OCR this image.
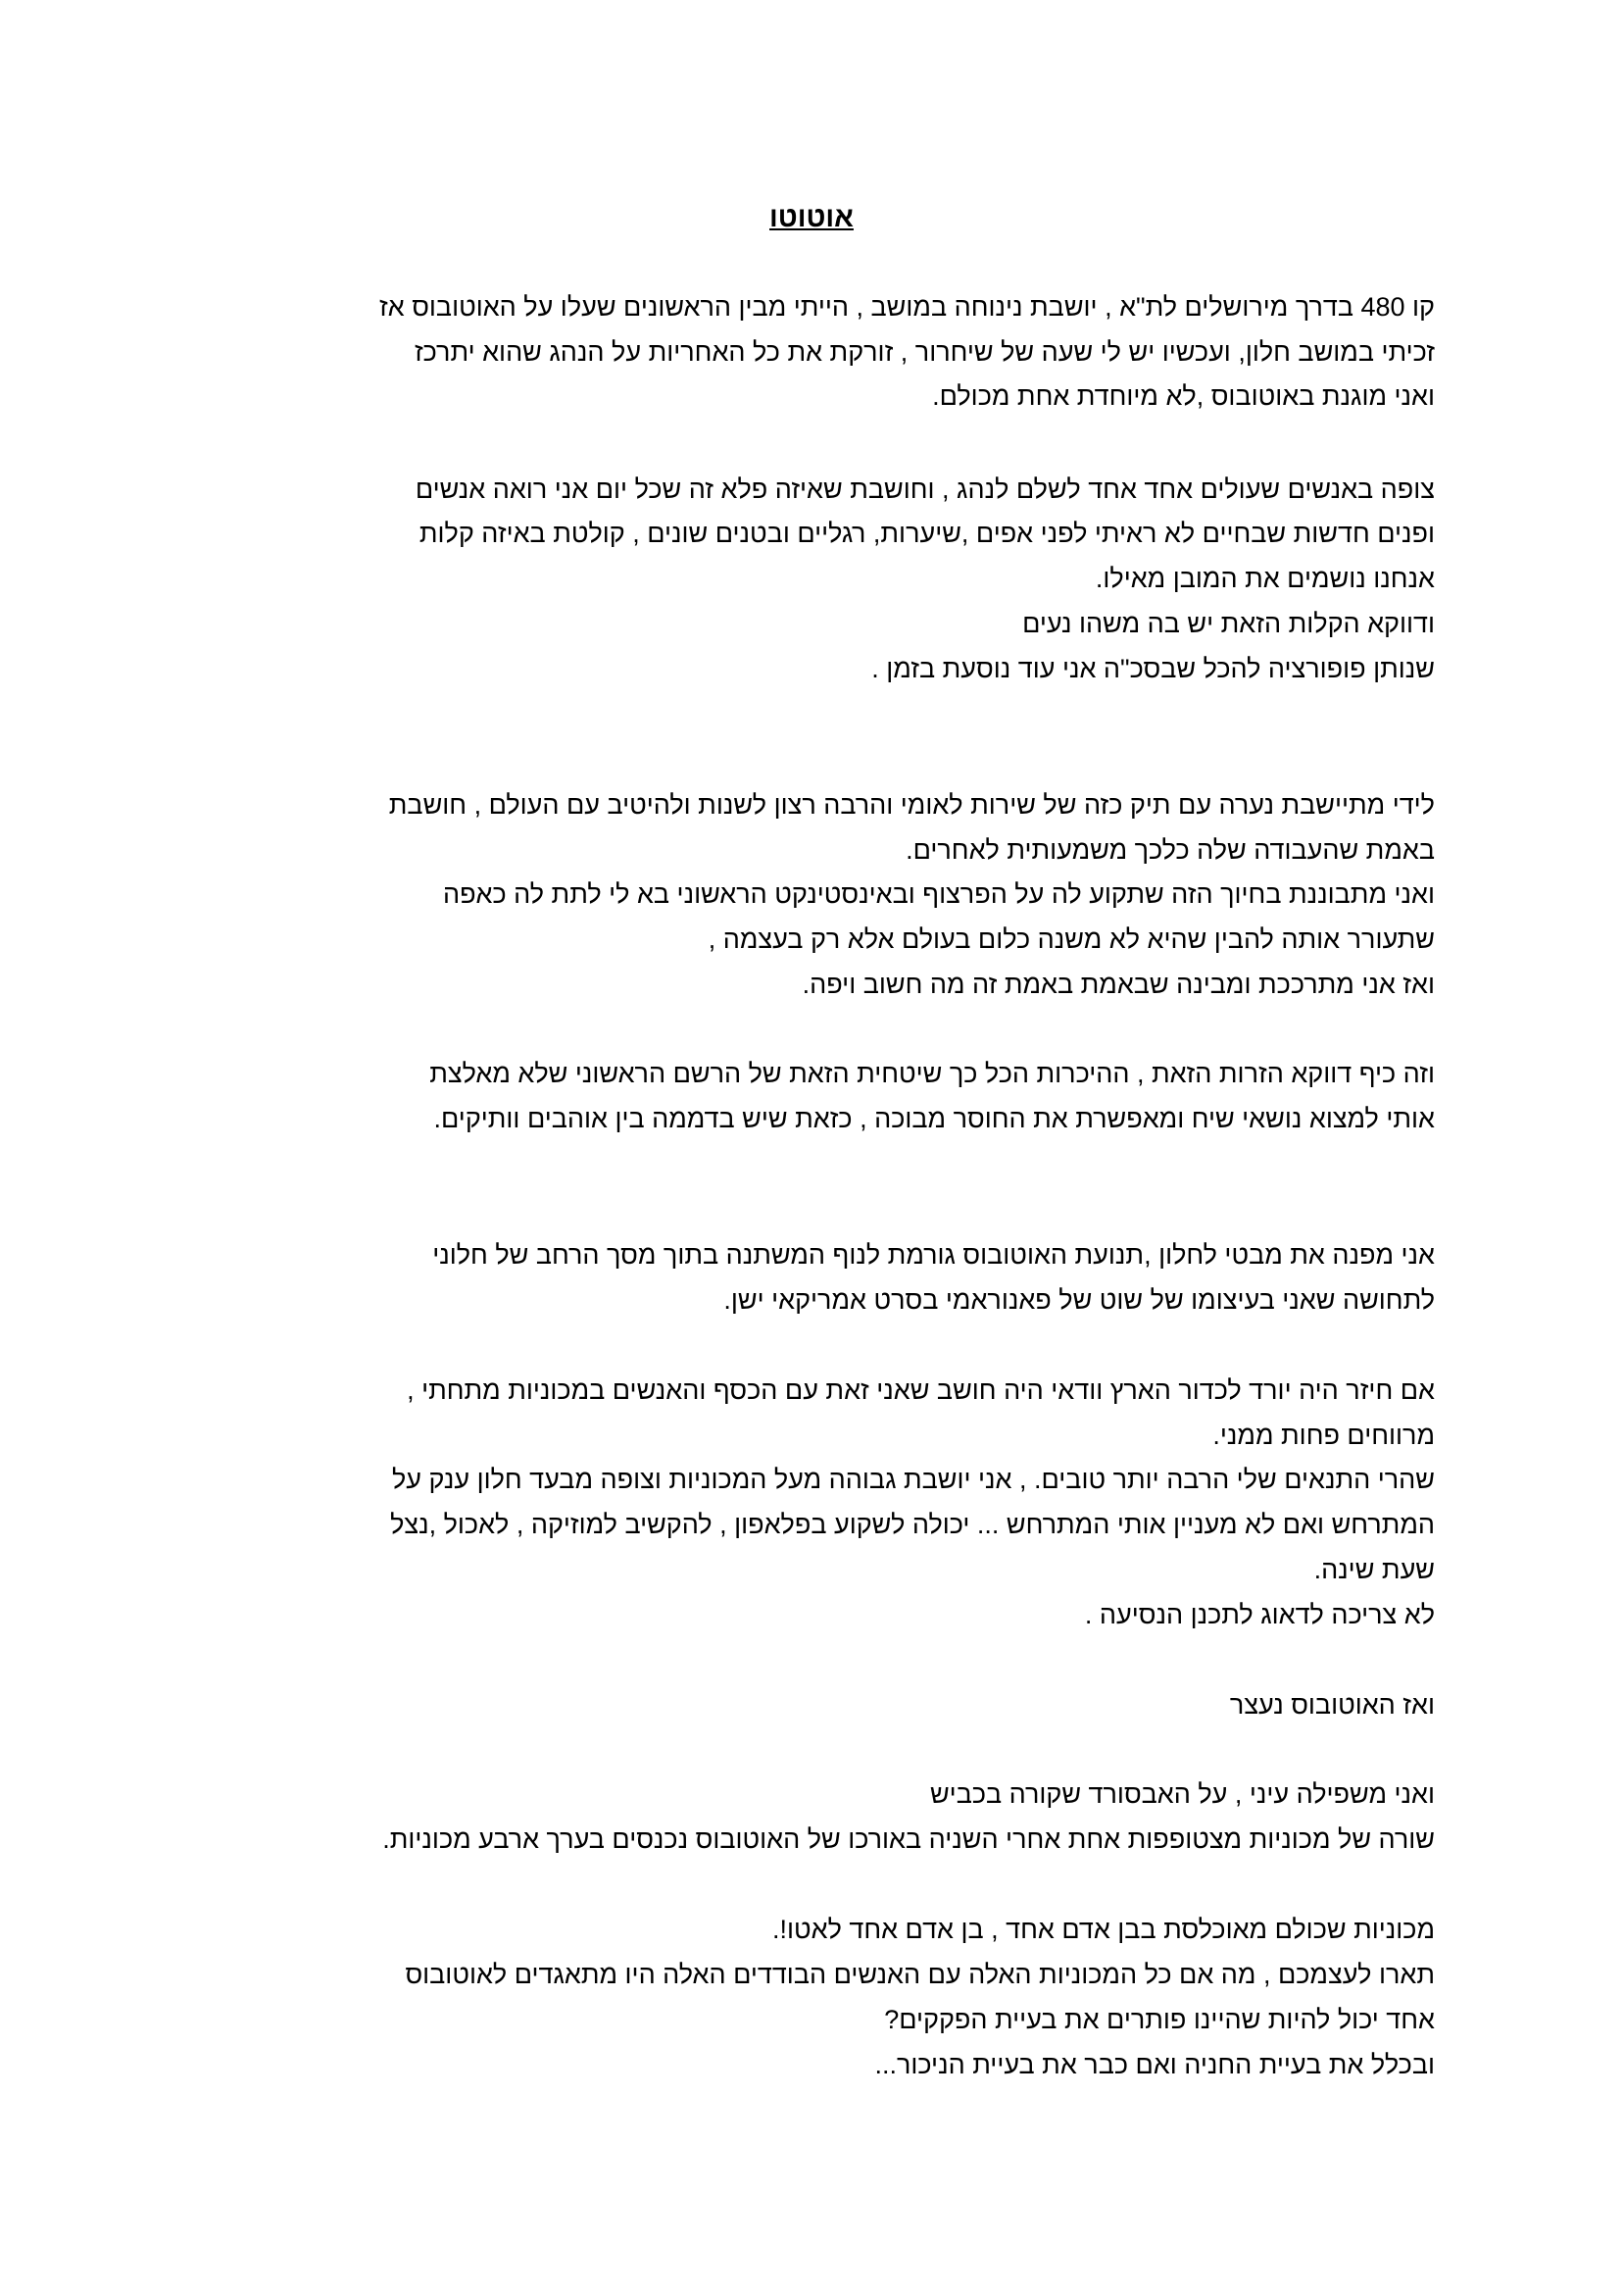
אוטוטו
קו 480 בדרך מירושלים לת"א , יושבת נינוחה במושב , הייתי מבין הראשונים שעלו על האוטובוס אז
זכיתי במושב חלון, ועכשיו יש לי שעה של שיחרור , זורקת את כל האחריות על הנהג שהוא יתרכז
ואני מוגנת באוטובוס ,לא מיוחדת אחת מכולם.
צופה באנשים שעולים אחד אחד לשלם לנהג , וחושבת שאיזה פלא זה שכל יום אני רואה אנשים
ופנים חדשות שבחיים לא ראיתי לפני אפים ,שיערות, רגליים ובטנים שונים , קולטת באיזה קלות
אנחנו נושמים את המובן מאילו.
ודווקא הקלות הזאת יש בה משהו נעים
שנותן פופורציה להכל שבסכ"ה אני עוד נוסעת בזמן .
לידי מתיישבת נערה עם תיק כזה של שירות לאומי והרבה רצון לשנות ולהיטיב עם העולם , חושבת
באמת שהעבודה שלה כלכך משמעותית לאחרים.
ואני מתבוננת בחיוך הזה שתקוע לה על הפרצוף ובאינסטינקט הראשוני בא לי לתת לה כאפה
שתעורר אותה להבין שהיא לא משנה כלום בעולם אלא רק בעצמה ,
ואז אני מתרככת ומבינה שבאמת באמת זה מה חשוב ויפה.
וזה כיף דווקא הזרות הזאת , ההיכרות הכל כך שיטחית הזאת של הרשם הראשוני שלא מאלצת
אותי למצוא נושאי שיח ומאפשרת את החוסר מבוכה , כזאת שיש בדממה בין אוהבים וותיקים.
אני מפנה את מבטי לחלון ,תנועת האוטובוס גורמת לנוף המשתנה בתוך מסך הרחב של חלוני
לתחושה שאני בעיצומו של שוט של פאנוראמי בסרט אמריקאי ישן.
אם חיזר היה יורד לכדור הארץ וודאי היה חושב שאני זאת עם הכסף והאנשים במכוניות מתחתי ,
מרווחים פחות ממני.
שהרי התנאים שלי הרבה יותר טובים. , אני יושבת גבוהה מעל המכוניות וצופה מבעד חלון ענק על
המתרחש ואם לא מעניין אותי המתרחש ... יכולה לשקוע בפלאפון , להקשיב למוזיקה , לאכול ,נצל
שעת שינה.
לא צריכה לדאוג לתכנן הנסיעה .
ואז האוטובוס נעצר
ואני משפילה עיני , על האבסורד שקורה בכביש
שורה של מכוניות מצטופפות אחת אחרי השניה באורכו של האוטובוס נכנסים בערך ארבע מכוניות.
מכוניות שכולם מאוכלסת בבן אדם אחד , בן אדם אחד לאטו!.
תארו לעצמכם , מה אם כל המכוניות האלה עם האנשים הבודדים האלה היו מתאגדים לאוטובוס
אחד יכול להיות שהיינו פותרים את בעיית הפקקים?
ובכלל את בעיית החניה ואם כבר את בעיית הניכור...
